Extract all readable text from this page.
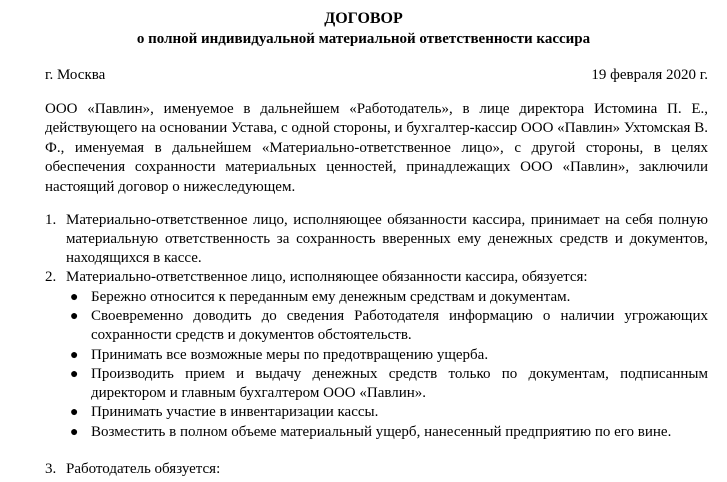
ДОГОВОР
о полной индивидуальной материальной ответственности кассира
г. Москва	19 февраля 2020 г.

ООО «Павлин», именуемое в дальнейшем «Работодатель», в лице директора Истомина П. Е., действующего на основании Устава, с одной стороны, и бухгалтер-кассир ООО «Павлин» Ухтомская В. Ф., именуемая в дальнейшем «Материально-ответственное лицо», с другой стороны, в целях обеспечения сохранности материальных ценностей, принадлежащих ООО «Павлин», заключили настоящий договор о нижеследующем.

1. Материально-ответственное лицо, исполняющее обязанности кассира, принимает на себя полную материальную ответственность за сохранность вверенных ему денежных средств и документов, находящихся в кассе.
2. Материально-ответственное лицо, исполняющее обязанности кассира, обязуется:
● Бережно относится к переданным ему денежным средствам и документам.
● Своевременно доводить до сведения Работодателя информацию о наличии угрожающих сохранности средств и документов обстоятельств.
● Принимать все возможные меры по предотвращению ущерба.
● Производить прием и выдачу денежных средств только по документам, подписанным директором и главным бухгалтером ООО «Павлин».
● Принимать участие в инвентаризации кассы.
● Возместить в полном объеме материальный ущерб, нанесенный предприятию по его вине.
3. Работодатель обязуется:
